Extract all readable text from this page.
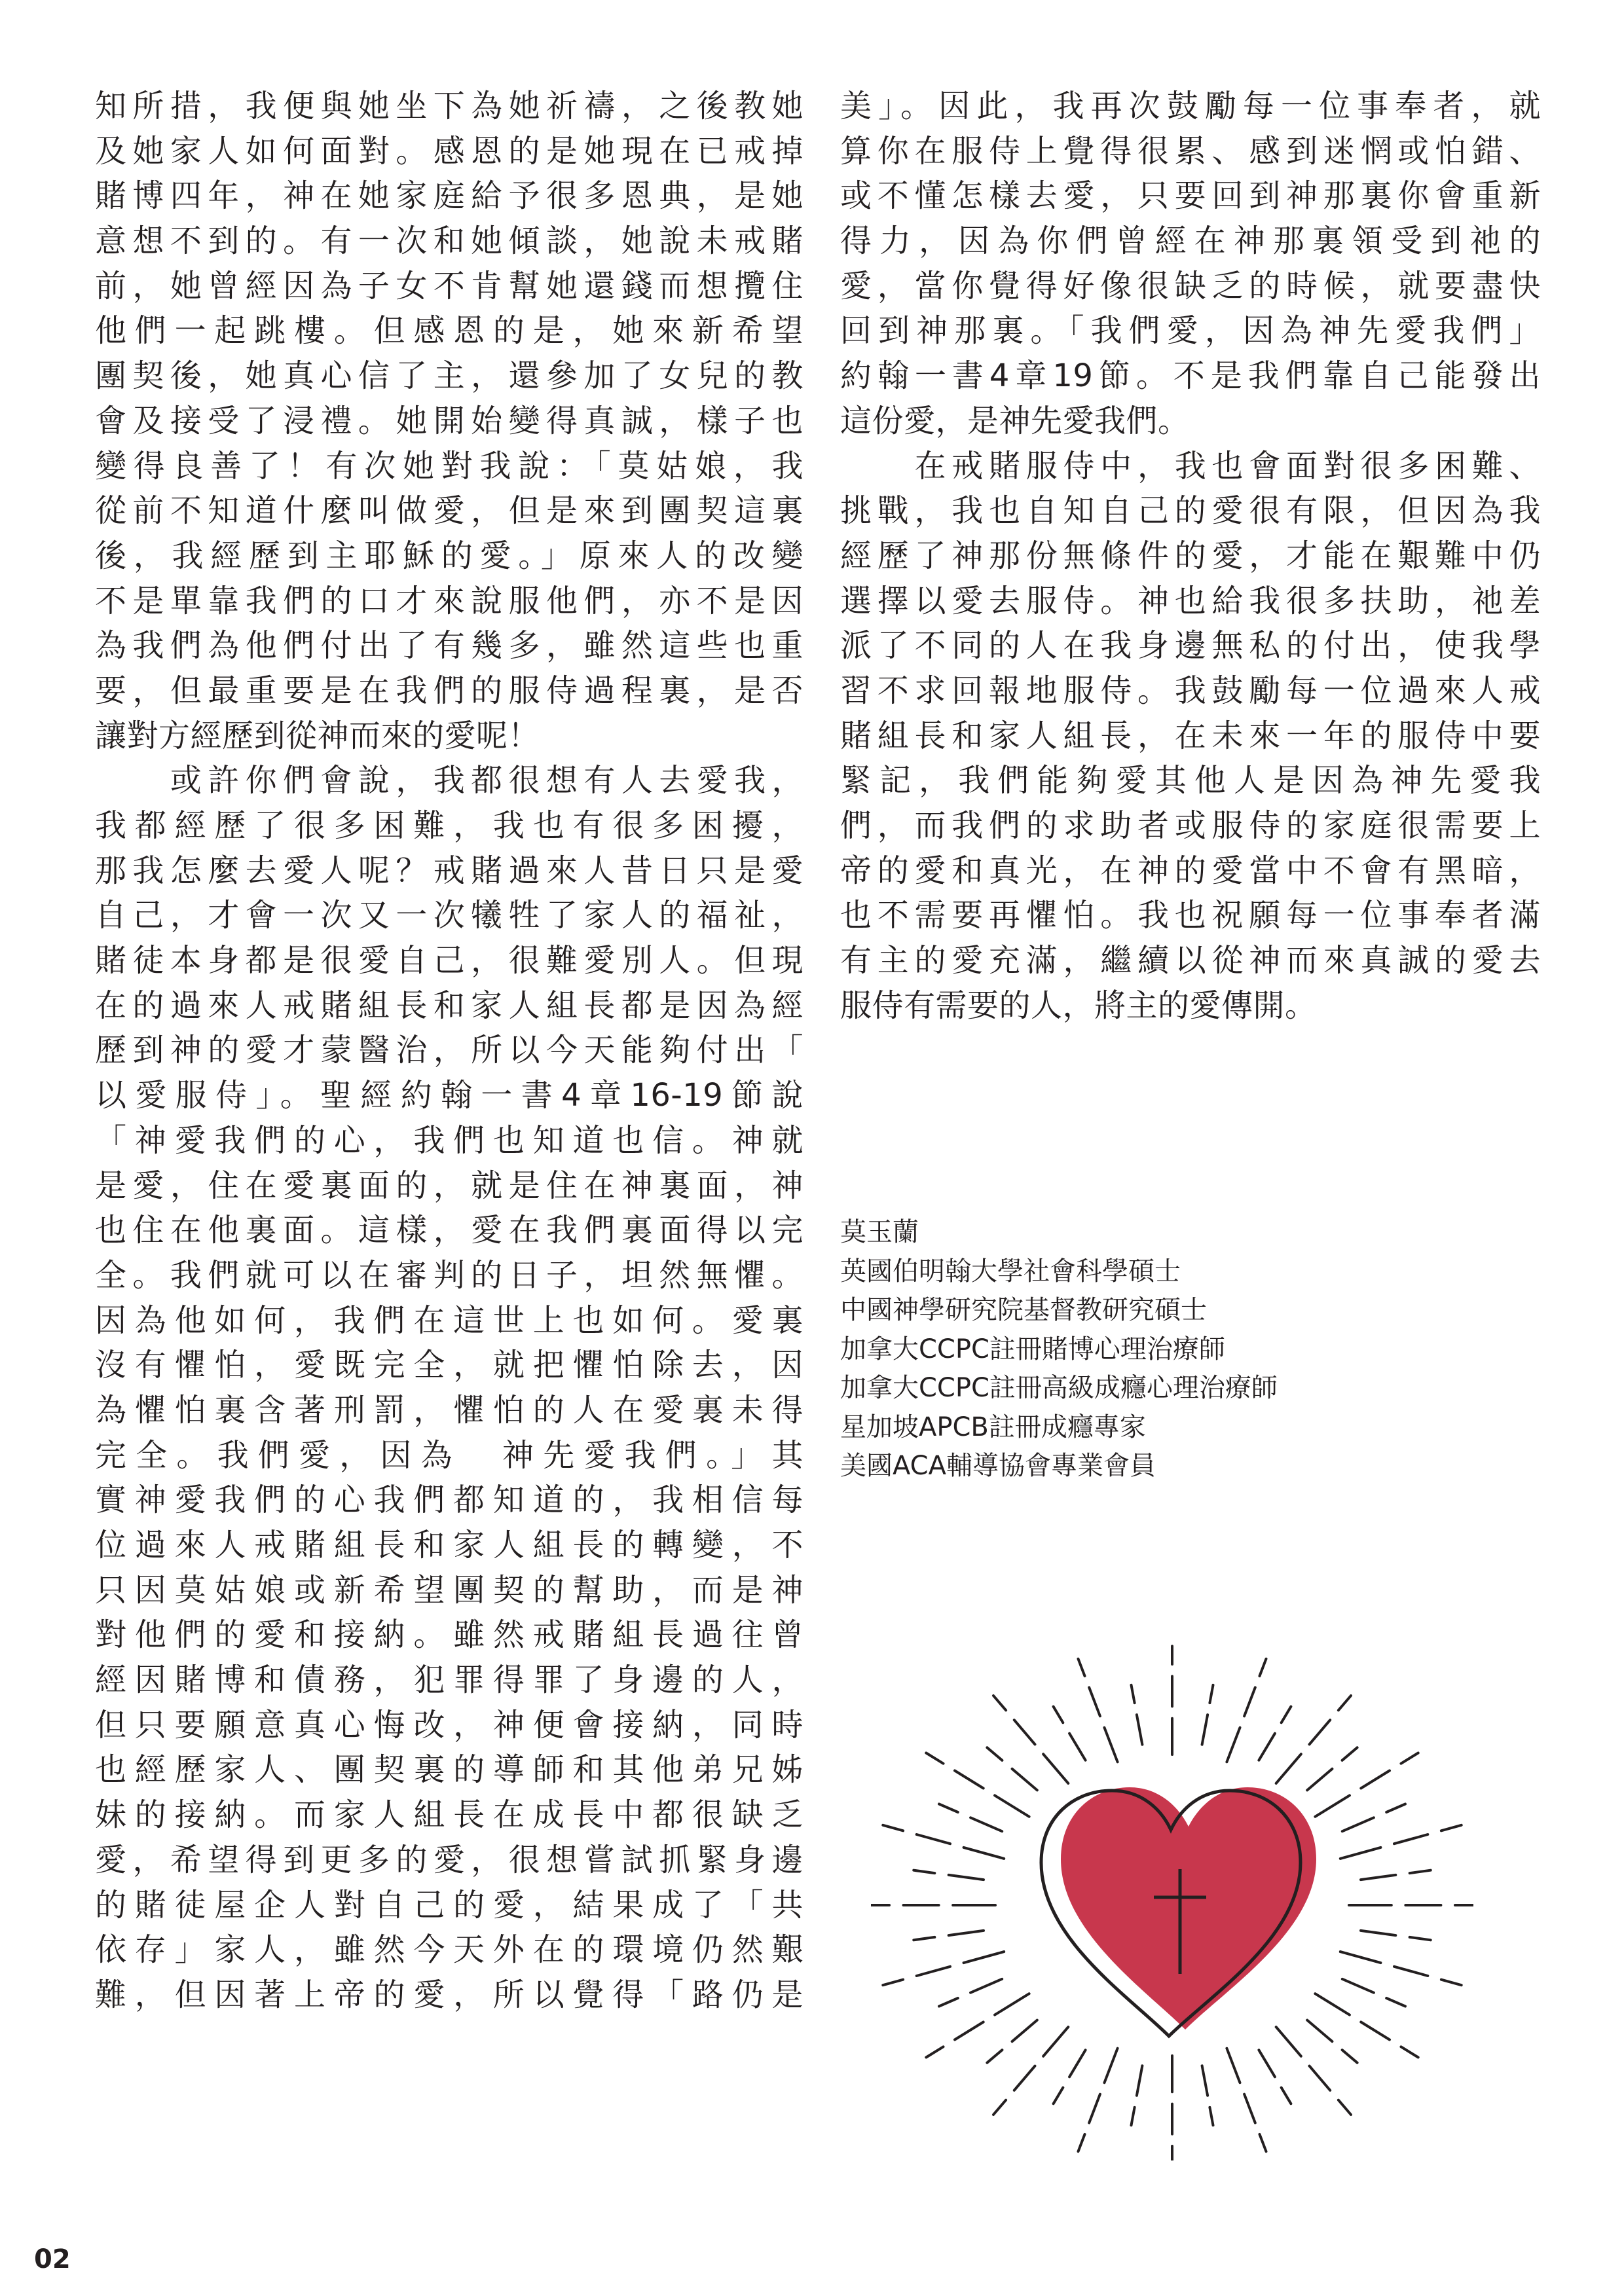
知所措，我便與她坐下為她祈禱，之後教她
及她家人如何面對。感恩的是她現在已戒掉
賭博四年，神在她家庭給予很多恩典，是她
意想不到的。有一次和她傾談，她說未戒賭
前，她曾經因為子女不肯幫她還錢而想攬住
他們一起跳樓。但感恩的是，她來新希望
團契後，她真心信了主，還參加了女兒的教
會及接受了浸禮。她開始變得真誠，樣子也
變得良善了！有次她對我說：「莫姑娘，我
從前不知道什麼叫做愛，但是來到團契這裏
後，我經歷到主耶穌的愛。」原來人的改變
不是單靠我們的口才來說服他們，亦不是因
為我們為他們付出了有幾多，雖然這些也重
要，但最重要是在我們的服侍過程裏，是否
讓對方經歷到從神而來的愛呢！
　　或許你們會說，我都很想有人去愛我，
我都經歷了很多困難，我也有很多困擾，
那我怎麼去愛人呢？戒賭過來人昔日只是愛
自己，才會一次又一次犧牲了家人的福祉，
賭徒本身都是很愛自己，很難愛別人。但現
在的過來人戒賭組長和家人組長都是因為經
歷到神的愛才蒙醫治，所以今天能夠付出「
以愛服侍」。聖經約翰一書4章16-19節說
「神愛我們的心，我們也知道也信。神就
是愛，住在愛裏面的，就是住在神裏面，神
也住在他裏面。這樣，愛在我們裏面得以完
全。我們就可以在審判的日子，坦然無懼。
因為他如何，我們在這世上也如何。愛裏
沒有懼怕，愛既完全，就把懼怕除去，因
為懼怕裏含著刑罰，懼怕的人在愛裏未得
完全。我們愛，因為　神先愛我們。」其
實神愛我們的心我們都知道的，我相信每
位過來人戒賭組長和家人組長的轉變，不
只因莫姑娘或新希望團契的幫助，而是神
對他們的愛和接納。雖然戒賭組長過往曾
經因賭博和債務，犯罪得罪了身邊的人，
但只要願意真心悔改，神便會接納，同時
也經歷家人、團契裏的導師和其他弟兄姊
妹的接納。而家人組長在成長中都很缺乏
愛，希望得到更多的愛，很想嘗試抓緊身邊
的賭徒屋企人對自己的愛，結果成了「共
依存」家人，雖然今天外在的環境仍然艱
難，但因著上帝的愛，所以覺得「路仍是
美」。因此，我再次鼓勵每一位事奉者，就
算你在服侍上覺得很累、感到迷惘或怕錯、
或不懂怎樣去愛，只要回到神那裏你會重新
得力，因為你們曾經在神那裏領受到祂的
愛，當你覺得好像很缺乏的時候，就要盡快
回到神那裏。「我們愛，因為神先愛我們」
約翰一書4章19節。不是我們靠自己能發出
這份愛，是神先愛我們。
　　在戒賭服侍中，我也會面對很多困難、
挑戰，我也自知自己的愛很有限，但因為我
經歷了神那份無條件的愛，才能在艱難中仍
選擇以愛去服侍。神也給我很多扶助，祂差
派了不同的人在我身邊無私的付出，使我學
習不求回報地服侍。我鼓勵每一位過來人戒
賭組長和家人組長，在未來一年的服侍中要
緊記，我們能夠愛其他人是因為神先愛我
們，而我們的求助者或服侍的家庭很需要上
帝的愛和真光，在神的愛當中不會有黑暗，
也不需要再懼怕。我也祝願每一位事奉者滿
有主的愛充滿，繼續以從神而來真誠的愛去
服侍有需要的人，將主的愛傳開。
莫玉蘭
英國伯明翰大學社會科學碩士
中國神學研究院基督教研究碩士
加拿大CCPC註冊賭博心理治療師
加拿大CCPC註冊高級成癮心理治療師
星加坡APCB註冊成癮專家
美國ACA輔導協會專業會員
02
